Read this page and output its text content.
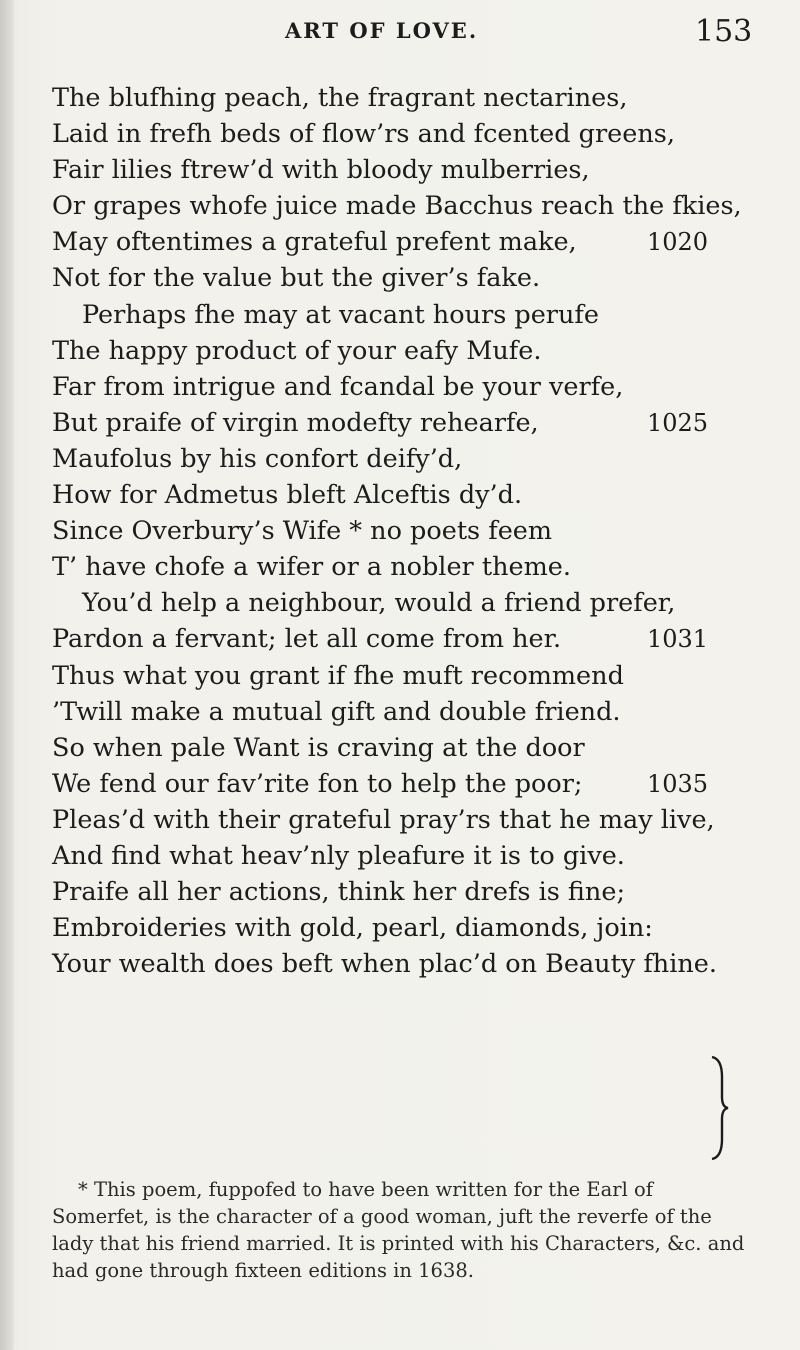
ART OF LOVE.	153
The blufhing peach, the fragrant nectarines,
Laid in frefh beds of flow’rs and fcented greens,
Fair lilies ftrew’d with bloody mulberries,
Or grapes whofe juice made Bacchus reach the fkies,
May oftentimes a grateful prefent make,	1020
Not for the value but the giver’s fake.
Perhaps fhe may at vacant hours perufe
The happy product of your eafy Mufe.
Far from intrigue and fcandal be your verfe,
But praife of virgin modefty rehearfe,	1025
Maufolus by his confort deify’d,
How for Admetus bleft Alceftis dy’d.
Since Overbury’s Wife * no poets feem
T’ have chofe a wifer or a nobler theme.
You’d help a neighbour, would a friend prefer,
Pardon a fervant; let all come from her.	1031
Thus what you grant if fhe muft recommend
’Twill make a mutual gift and double friend.
So when pale Want is craving at the door
We fend our fav’rite fon to help the poor;	1035
Pleas’d with their grateful pray’rs that he may live,
And find what heav’nly pleafure it is to give.
Praife all her actions, think her drefs is fine;
Embroideries with gold, pearl, diamonds, join:
Your wealth does beft when plac’d on Beauty fhine.

* This poem, fuppofed to have been written for the Earl of Somerfet, is the character of a good woman, juft the reverfe of the lady that his friend married. It is printed with his Characters, &c. and had gone through fixteen editions in 1638.
